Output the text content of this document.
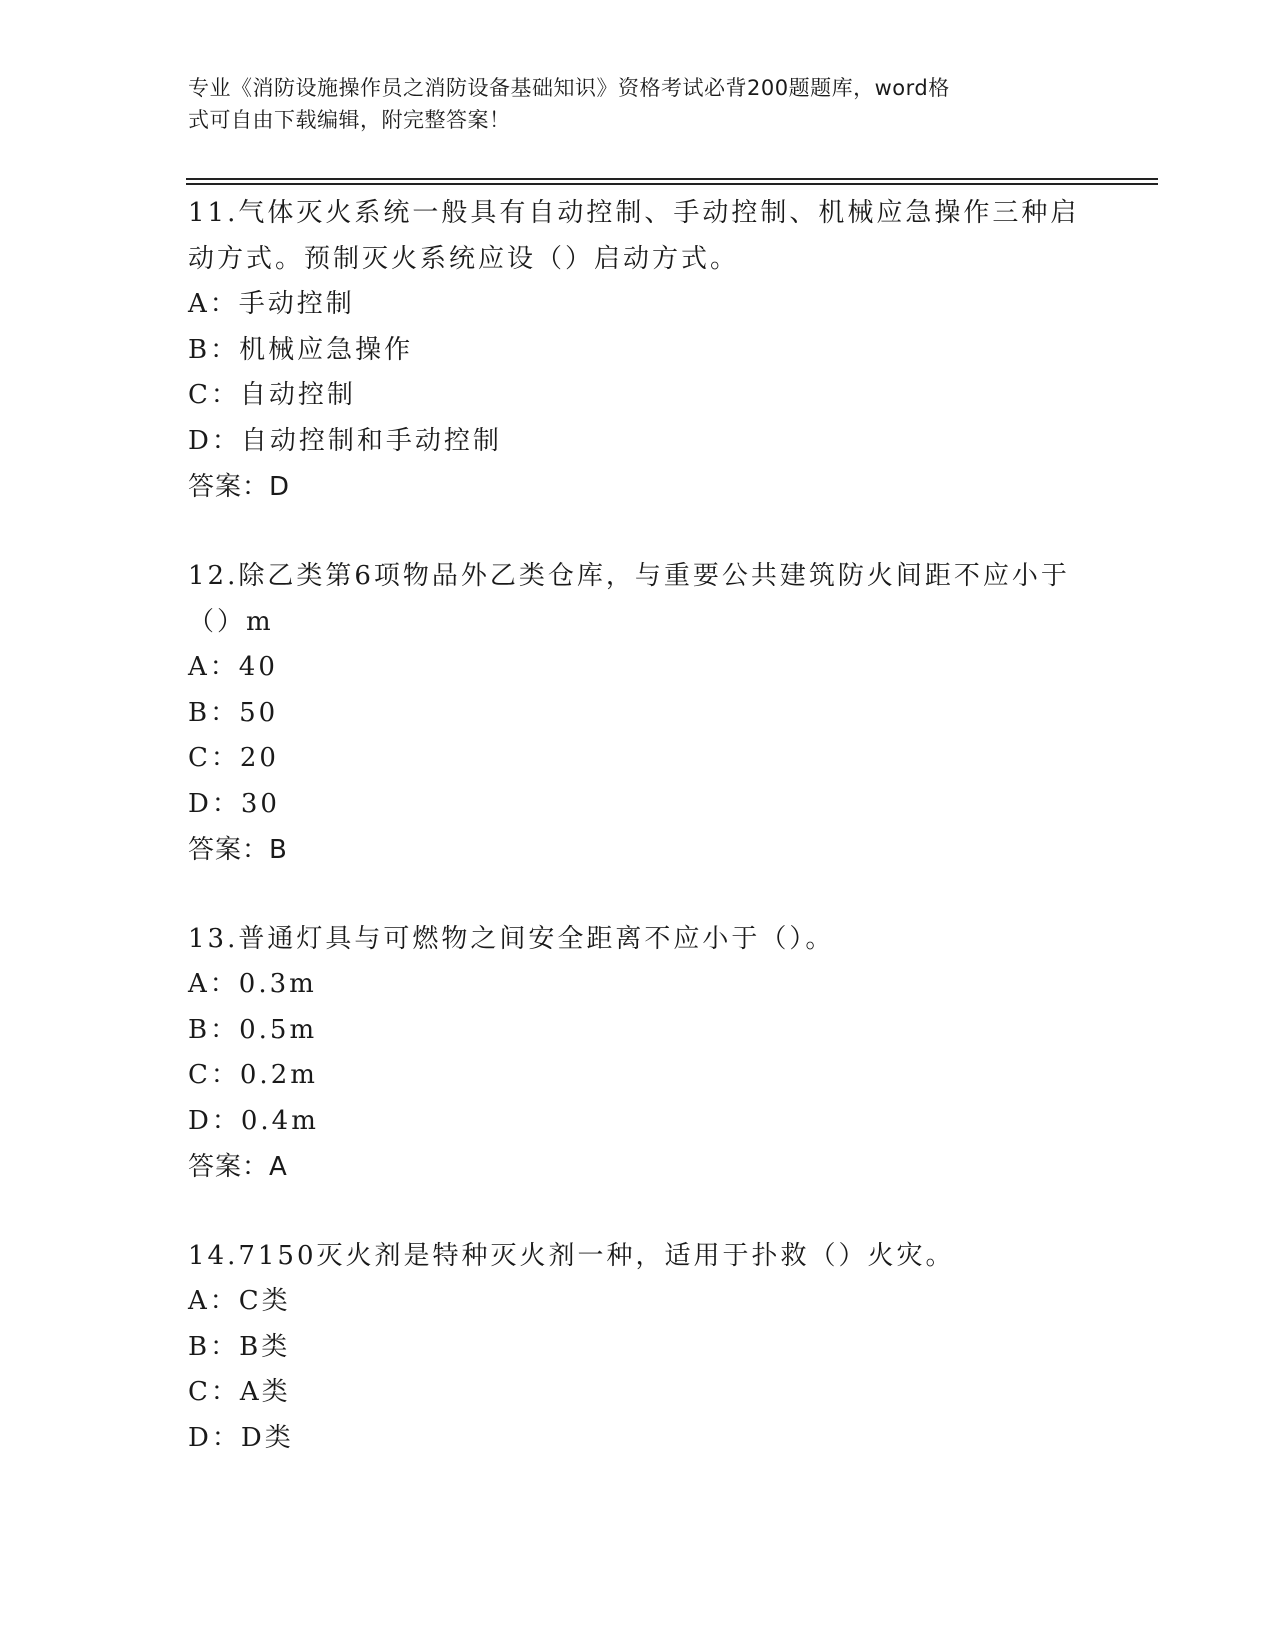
专业《消防设施操作员之消防设备基础知识》资格考试必背200题题库，word格
式可自由下载编辑，附完整答案！
11.气体灭火系统一般具有自动控制、手动控制、机械应急操作三种启
动方式。预制灭火系统应设（）启动方式。
A：手动控制
B：机械应急操作
C：自动控制
D：自动控制和手动控制
答案：D
12.除乙类第6项物品外乙类仓库，与重要公共建筑防火间距不应小于
（）m
A：40
B：50
C：20
D：30
答案：B
13.普通灯具与可燃物之间安全距离不应小于（）。
A：0.3m
B：0.5m
C：0.2m
D：0.4m
答案：A
14.7150灭火剂是特种灭火剂一种，适用于扑救（）火灾。
A：C类
B：B类
C：A类
D：D类
